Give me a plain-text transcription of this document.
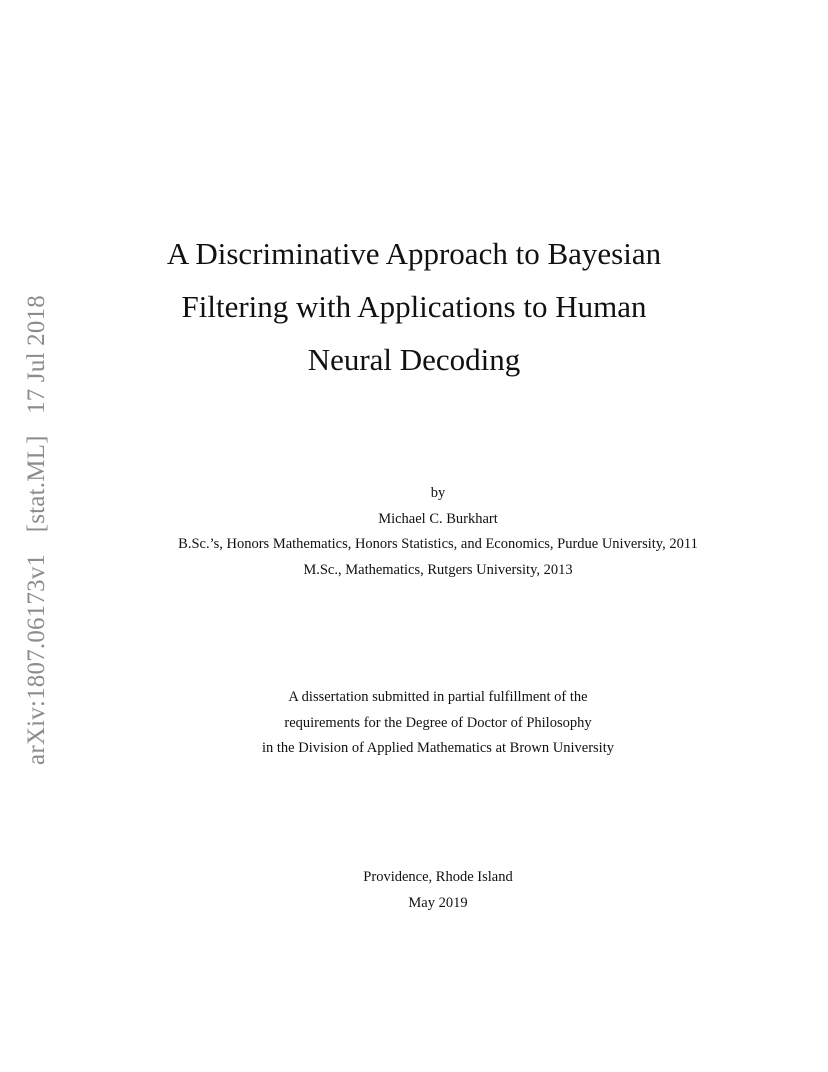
arXiv:1807.06173v1 [stat.ML] 17 Jul 2018
A Discriminative Approach to Bayesian
Filtering with Applications to Human
Neural Decoding
by
Michael C. Burkhart
B.Sc.’s, Honors Mathematics, Honors Statistics, and Economics, Purdue University, 2011
M.Sc., Mathematics, Rutgers University, 2013
A dissertation submitted in partial fulfillment of the
requirements for the Degree of Doctor of Philosophy
in the Division of Applied Mathematics at Brown University
Providence, Rhode Island
May 2019
